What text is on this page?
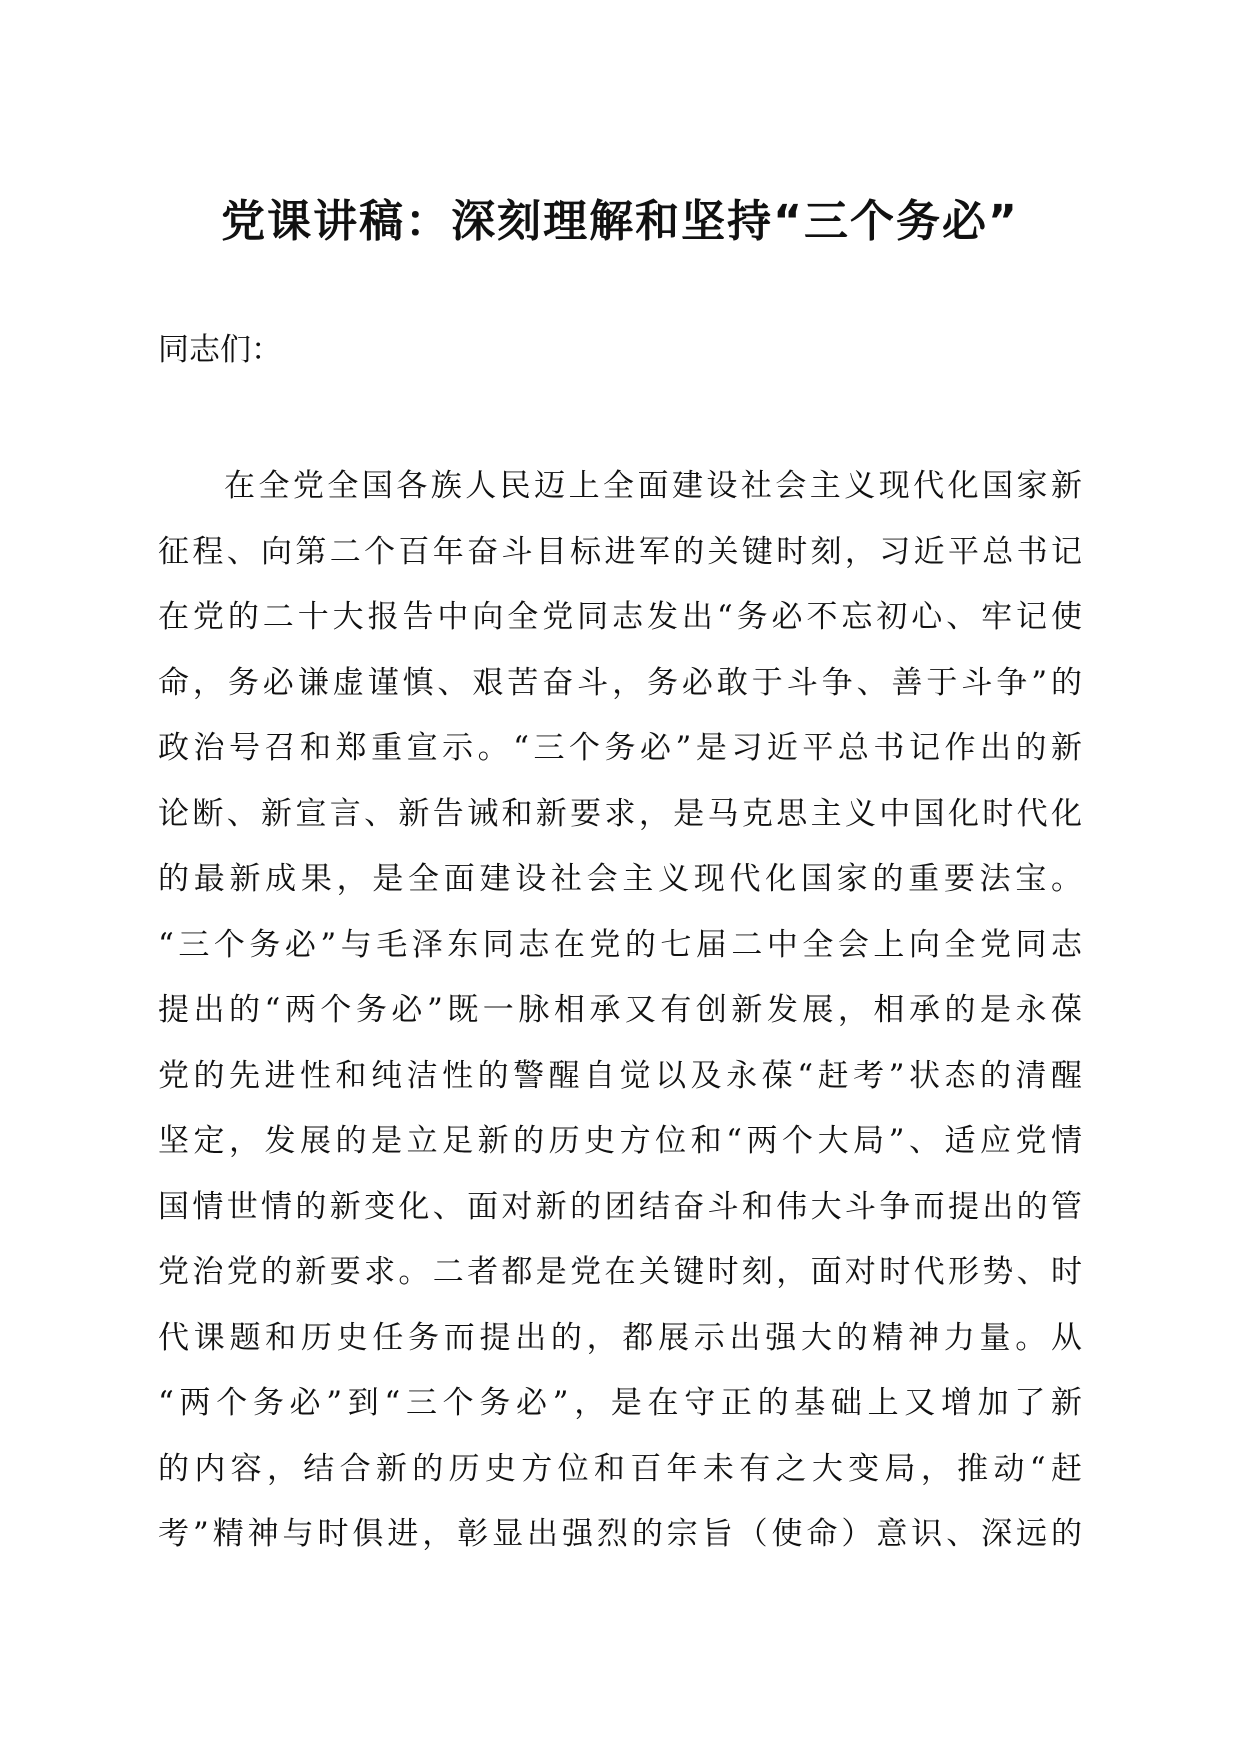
党课讲稿：深刻理解和坚持“三个务必”

同志们：

在全党全国各族人民迈上全面建设社会主义现代化国家新
征程、向第二个百年奋斗目标进军的关键时刻，习近平总书记
在党的二十大报告中向全党同志发出“务必不忘初心、牢记使
命，务必谦虚谨慎、艰苦奋斗，务必敢于斗争、善于斗争”的
政治号召和郑重宣示。“三个务必”是习近平总书记作出的新
论断、新宣言、新告诫和新要求，是马克思主义中国化时代化
的最新成果，是全面建设社会主义现代化国家的重要法宝。
“三个务必”与毛泽东同志在党的七届二中全会上向全党同志
提出的“两个务必”既一脉相承又有创新发展，相承的是永葆
党的先进性和纯洁性的警醒自觉以及永葆“赶考”状态的清醒
坚定，发展的是立足新的历史方位和“两个大局”、适应党情
国情世情的新变化、面对新的团结奋斗和伟大斗争而提出的管
党治党的新要求。二者都是党在关键时刻，面对时代形势、时
代课题和历史任务而提出的，都展示出强大的精神力量。从
“两个务必”到“三个务必”，是在守正的基础上又增加了新
的内容，结合新的历史方位和百年未有之大变局，推动“赶
考”精神与时俱进，彰显出强烈的宗旨（使命）意识、深远的
